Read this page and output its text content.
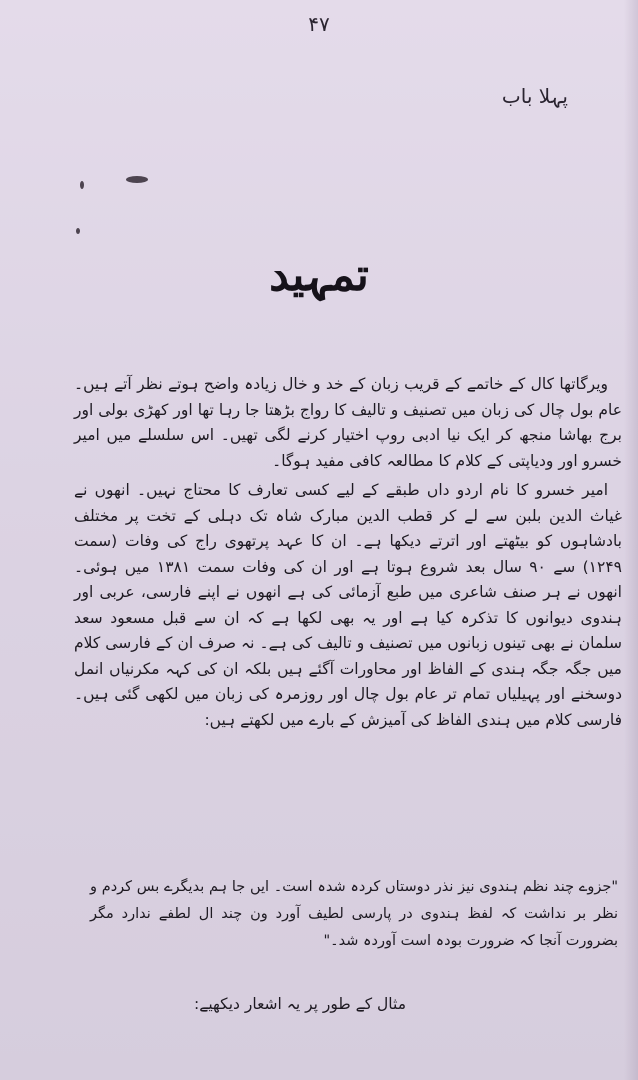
۴۷
پہلا باب
تمہید

ویرگاتھا کال کے خاتمے کے قریب زبان کے خد و خال زیادہ واضح ہوتے نظر آتے ہیں۔ عام بول چال کی زبان میں تصنیف و تالیف کا رواج بڑھتا جا رہا تھا اور کھڑی بولی اور برج بھاشا منجھ کر ایک نیا ادبی روپ اختیار کرنے لگی تھیں۔ اس سلسلے میں امیر خسرو اور ودیاپتی کے کلام کا مطالعہ کافی مفید ہوگا۔

امیر خسرو کا نام اردو داں طبقے کے لیے کسی تعارف کا محتاج نہیں۔ انھوں نے غیاث الدین بلبن سے لے کر قطب الدین مبارک شاہ تک دہلی کے تخت پر مختلف بادشاہوں کو بیٹھتے اور اترتے دیکھا ہے۔ ان کا عہد پرتھوی راج کی وفات (سمت ۱۲۴۹) سے ۹۰ سال بعد شروع ہوتا ہے اور ان کی وفات سمت ۱۳۸۱ میں ہوئی۔ انھوں نے ہر صنف شاعری میں طبع آزمائی کی ہے انھوں نے اپنے فارسی، عربی اور ہندوی دیوانوں کا تذکرہ کیا ہے اور یہ بھی لکھا ہے کہ ان سے قبل مسعود سعد سلمان نے بھی تینوں زبانوں میں تصنیف و تالیف کی ہے۔ نہ صرف ان کے فارسی کلام میں جگہ جگہ ہندی کے الفاظ اور محاورات آگئے ہیں بلکہ ان کی کہہ مکرنیاں انمل دوسخنے اور پہیلیاں تمام تر عام بول چال اور روزمرہ کی زبان میں لکھی گئی ہیں۔ فارسی کلام میں ہندی الفاظ کی آمیزش کے بارے میں لکھتے ہیں:

"جزوے چند نظم ہندوی نیز نذر دوستاں کردہ شدہ است۔ ایں جا ہم بدیگرے بس کردم و نظر بر نداشت کہ لفظ ہندوی در پارسی لطیف آورد ون چند ال لطفے ندارد مگر بضرورت آنجا کہ ضرورت بودہ است آوردہ شد۔"
مثال کے طور پر یہ اشعار دیکھیے:
